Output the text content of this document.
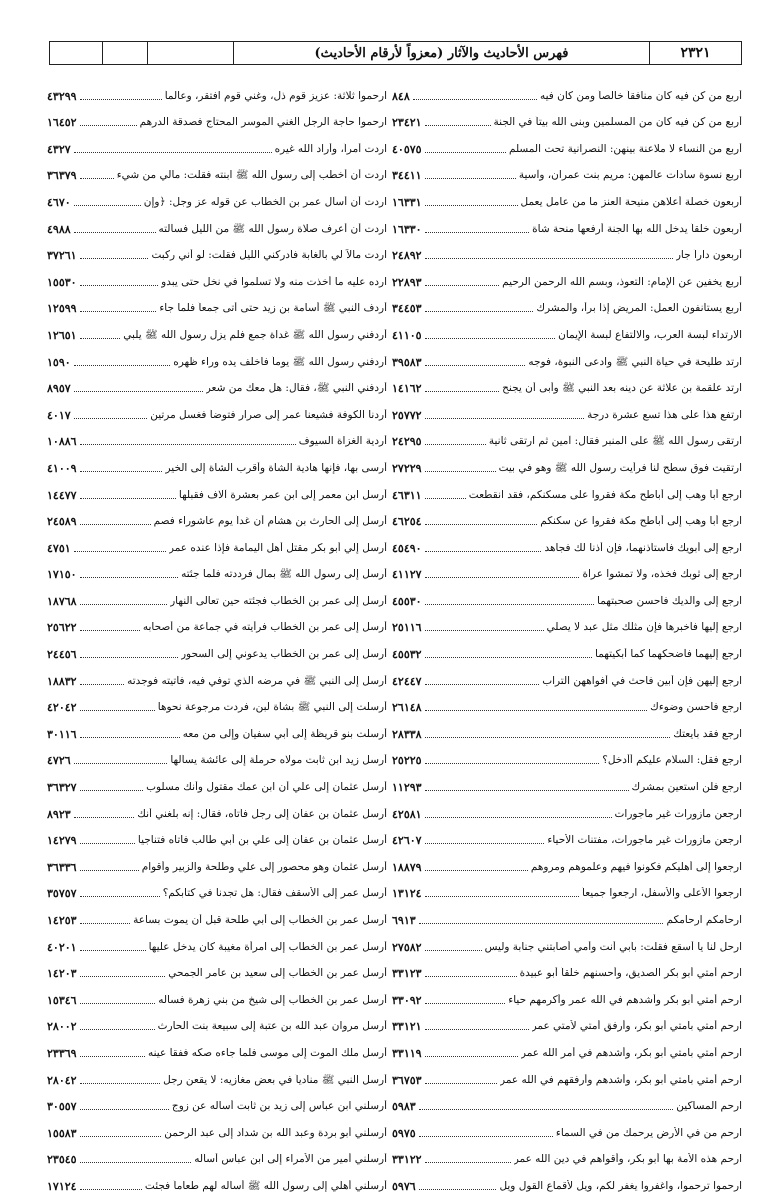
فهرس الأحاديث والآثار (معزواً لأرقام الأحاديث)	٢٣٢١
أربع من كن فيه كان منافقاً خالصاً ومن كان فيه
٨٤٨
أربع من كن فيه كان من المسلمين وبنى الله بيتاً في الجنة
٢٣٤٢١
أربع من النساء لا ملاعنة بينهن: النصرانية تحت المسلم
٤٠٥٧٥
أربع نسوة سادات عالمهن: مريم بنت عمران، وآسية
٣٤٤١١
أربعون خصلة أعلاهن منيحة العنز ما من عامل يعمل
١٦٣٣١
أربعون خلقاً يدخل الله بها الجنة أرفعها منحة شاة
١٦٣٣٠
أربعون داراً جار
٢٤٨٩٢
أربع يخفين عن الإمام: التعوذ، وبسم الله الرحمن الرحيم
٢٢٨٩٣
أربع يستأنفون العمل: المريض إذا برأ، والمشرك
٣٤٤٥٣
الارتداء لبسة العرب، والالتفاع لبسة الإيمان
٤١١٠٥
ارتد طليحة في حياة النبي ﷺ وادعى النبوة، فوجه
٣٩٥٨٣
ارتد علقمة بن علاثة عن دينه بعد النبي ﷺ وأبى أن يجنح
١٤١٦٢
ارتفع هذا على هذا تسع عشرة درجة
٢٥٧٧٢
ارتقى رسول الله ﷺ على المنبر فقال: آمين ثم ارتقى ثانية
٢٤٢٩٥
ارتقيت فوق سطح لنا فرأيت رسول الله ﷺ وهو في بيت
٢٧٢٢٩
ارجع أبا وهب إلى أباطح مكة فقروا على مسكنكم، فقد انقطعت
٤٦٣١١
ارجع أبا وهب إلى أباطح مكة فقروا عن سكنكم
٤٦٢٥٤
ارجع إلى أبويك فاستأذنهما، فإن أذنا لك فجاهد
٤٥٤٩٠
ارجع إلى ثوبك فخذه، ولا تمشوا عراة
٤١١٢٧
ارجع إلى والديك فأحسن صحبتهما
٤٥٥٣٠
ارجع إليها فأخبرها فإن مثلك مثل عبد لا يصلي
٢٥١١٦
ارجع إليهما فأضحكهما كما أبكيتهما
٤٥٥٣٢
ارجع إليهن فإن أبين فاحث في أفواههن التراب
٤٢٤٤٧
ارجع فأحسن وضوءك
٢٦١٤٨
ارجع فقد بايعتك
٢٨٣٣٨
ارجع فقل: السلام عليكم أأدخل؟
٢٥٢٢٥
ارجع فلن استعين بمشرك
١١٢٩٣
ارجعن مأزورات غير مأجورات
٤٢٥٨١
ارجعن مأزورات غير مأجورات، مفتنات الأحياء
٤٢٦٠٧
ارجعوا إلى أهليكم فكونوا فيهم وعلموهم ومروهم
١٨٨٧٩
ارجعوا الأعلى والأسفل، ارجعوا جميعاً
١٣١٢٤
ارحامكم ارحامكم
٦٩١٣
ارحل لنا يا أسقع فقلت: بأبي أنت وأمي أصابتني جنابة وليس
٢٧٥٨٢
ارحم أمتي أبو بكر الصديق، وأحسنهم خلقاً أبو عبيدة
٣٣١٢٣
ارحم أمتي أبو بكر وأشدهم في الله عمر وأكرمهم حياء
٣٣٠٩٢
ارحم أمتي بأمتي أبو بكر، وأرفق أمتي لأمتي عمر
٣٣١٢١
ارحم أمتي بأمتي أبو بكر، وأشدهم في أمر الله عمر
٣٣١١٩
ارحم أمتي بأمتي أبو بكر، وأشدهم وأرفقهم في الله عمر
٣٦٧٥٣
ارحم المساكين
٥٩٨٣
ارحم من في الأرض يرحمك من في السماء
٥٩٧٥
ارحم هذه الأمة بها أبو بكر، وأقواهم في دين الله عمر
٣٣١٢٢
ارحموا ترحموا، واغفروا يغفر لكم، ويل لأقماع القول ويل
٥٩٧٦
ارحموا ثلاثة: عزيز قوم ذل، وغني قوم افتقر، وعالماً
٤٣٢٩٩
ارحموا حاجة الرجل الغني الموسر المحتاج فصدقة الدرهم
١٦٤٥٢
اردت أمراً، وأراد الله غيره
٤٣٢٧
اردت أن أخطب إلى رسول الله ﷺ ابنته فقلت: مالي من شيء
٣٦٣٧٩
اردت أن أسأل عمر بن الخطاب عن قوله عز وجل: ﴿وإن
٤٦٧٠
اردت أن أعرف صلاة رسول الله ﷺ من الليل فسألته
٤٩٨٨
اردت مالاً لي بالغابة فأدركني الليل فقلت: لو أني ركبت
٣٧٢٦١
ارده عليه ما أخذت منه ولا تسلموا في نخل حتى يبدو
١٥٥٣٠
أردف النبي ﷺ أسامة بن زيد حتى أتى جمعاً فلما جاء
١٢٥٩٩
أردفني رسول الله ﷺ غداة جمع فلم يزل رسول الله ﷺ يلبي
١٢٦٥١
أردفني رسول الله ﷺ يوماً فأخلف يده وراء ظهره
١٥٩٠
أردفني النبي ﷺ، فقال: هل معك من شعر
٨٩٥٧
أردنا الكوفة فشيعنا عمر إلى صرار فتوضأ فغسل مرتين
٤٠١٧
أردية الغزاة السيوف
١٠٨٨٦
أرسى بها، فإنها هادية الشاة وأقرب الشاة إلى الخير
٤١٠٠٩
أرسل ابن معمر إلى ابن عمر بعشرة آلاف فقبلها
١٤٤٧٧
أرسل إلى الحارث بن هشام أن غداً يوم عاشوراء فصم
٢٤٥٨٩
أرسل إلي أبو بكر مقتل أهل اليمامة فإذا عنده عمر
٤٧٥١
أرسل إلى رسول الله ﷺ بمال فرددته فلما جئته
١٧١٥٠
أرسل إلى عمر بن الخطاب فجئته حين تعالى النهار
١٨٧٦٨
أرسل إلى عمر بن الخطاب فرأيته في جماعة من أصحابه
٢٥٦٢٢
أرسل إلى عمر بن الخطاب يدعوني إلى السحور
٢٤٤٥٦
أرسل إلى النبي ﷺ في مرضه الذي توفي فيه، فأتيته فوجدته
١٨٨٣٢
أرسلت إلى النبي ﷺ بشاة لبن، فردت مرجوعة نحوها
٤٢٠٤٢
أرسلت بنو قريظة إلى أبي سفيان وإلى من معه
٣٠١١٦
أرسل زيد ابن ثابت مولاه حرملة إلى عائشة يسألها
٤٧٢٦
أرسل عثمان إلى علي أن ابن عمك مقتول وأنك مسلوب
٣٦٣٢٧
أرسل عثمان بن عفان إلى رجل فأتاه، فقال: إنه بلغني أنك
٨٩٢٣
أرسل عثمان بن عفان إلى علي بن أبي طالب فأتاه فتناجيا
١٤٢٧٩
أرسل عثمان وهو محصور إلى علي وطلحة والزبير وأقوام
٣٦٣٣٦
أرسل عمر إلى الأسقف فقال: هل تجدنا في كتابكم؟
٣٥٧٥٧
أرسل عمر بن الخطاب إلى أبي طلحة قبل أن يموت بساعة
١٤٢٥٣
أرسل عمر بن الخطاب إلى امرأة مغيبة كان يدخل عليها
٤٠٢٠١
أرسل عمر بن الخطاب إلى سعيد بن عامر الجمحي
١٤٢٠٣
أرسل عمر بن الخطاب إلى شيخ من بني زهرة فسأله
١٥٣٤٦
أرسل مروان عبد الله بن عتبة إلى سبيعة بنت الحارث
٢٨٠٠٢
أرسل ملك الموت إلى موسى فلما جاءه صكه ففقأ عينه
٢٣٣٦٩
أرسل النبي ﷺ منادياً في بعض مغازيه: لا يقعن رجل
٢٨٠٤٢
أرسلني ابن عباس إلى زيد بن ثابت أسأله عن زوج
٣٠٥٥٧
أرسلني أبو بردة وعبد الله بن شداد إلى عبد الرحمن
١٥٥٨٣
أرسلني أمير من الأمراء إلى ابن عباس أسأله
٢٣٥٤٥
أرسلني أهلي إلى رسول الله ﷺ أسأله لهم طعاماً فجئت
١٧١٢٤
